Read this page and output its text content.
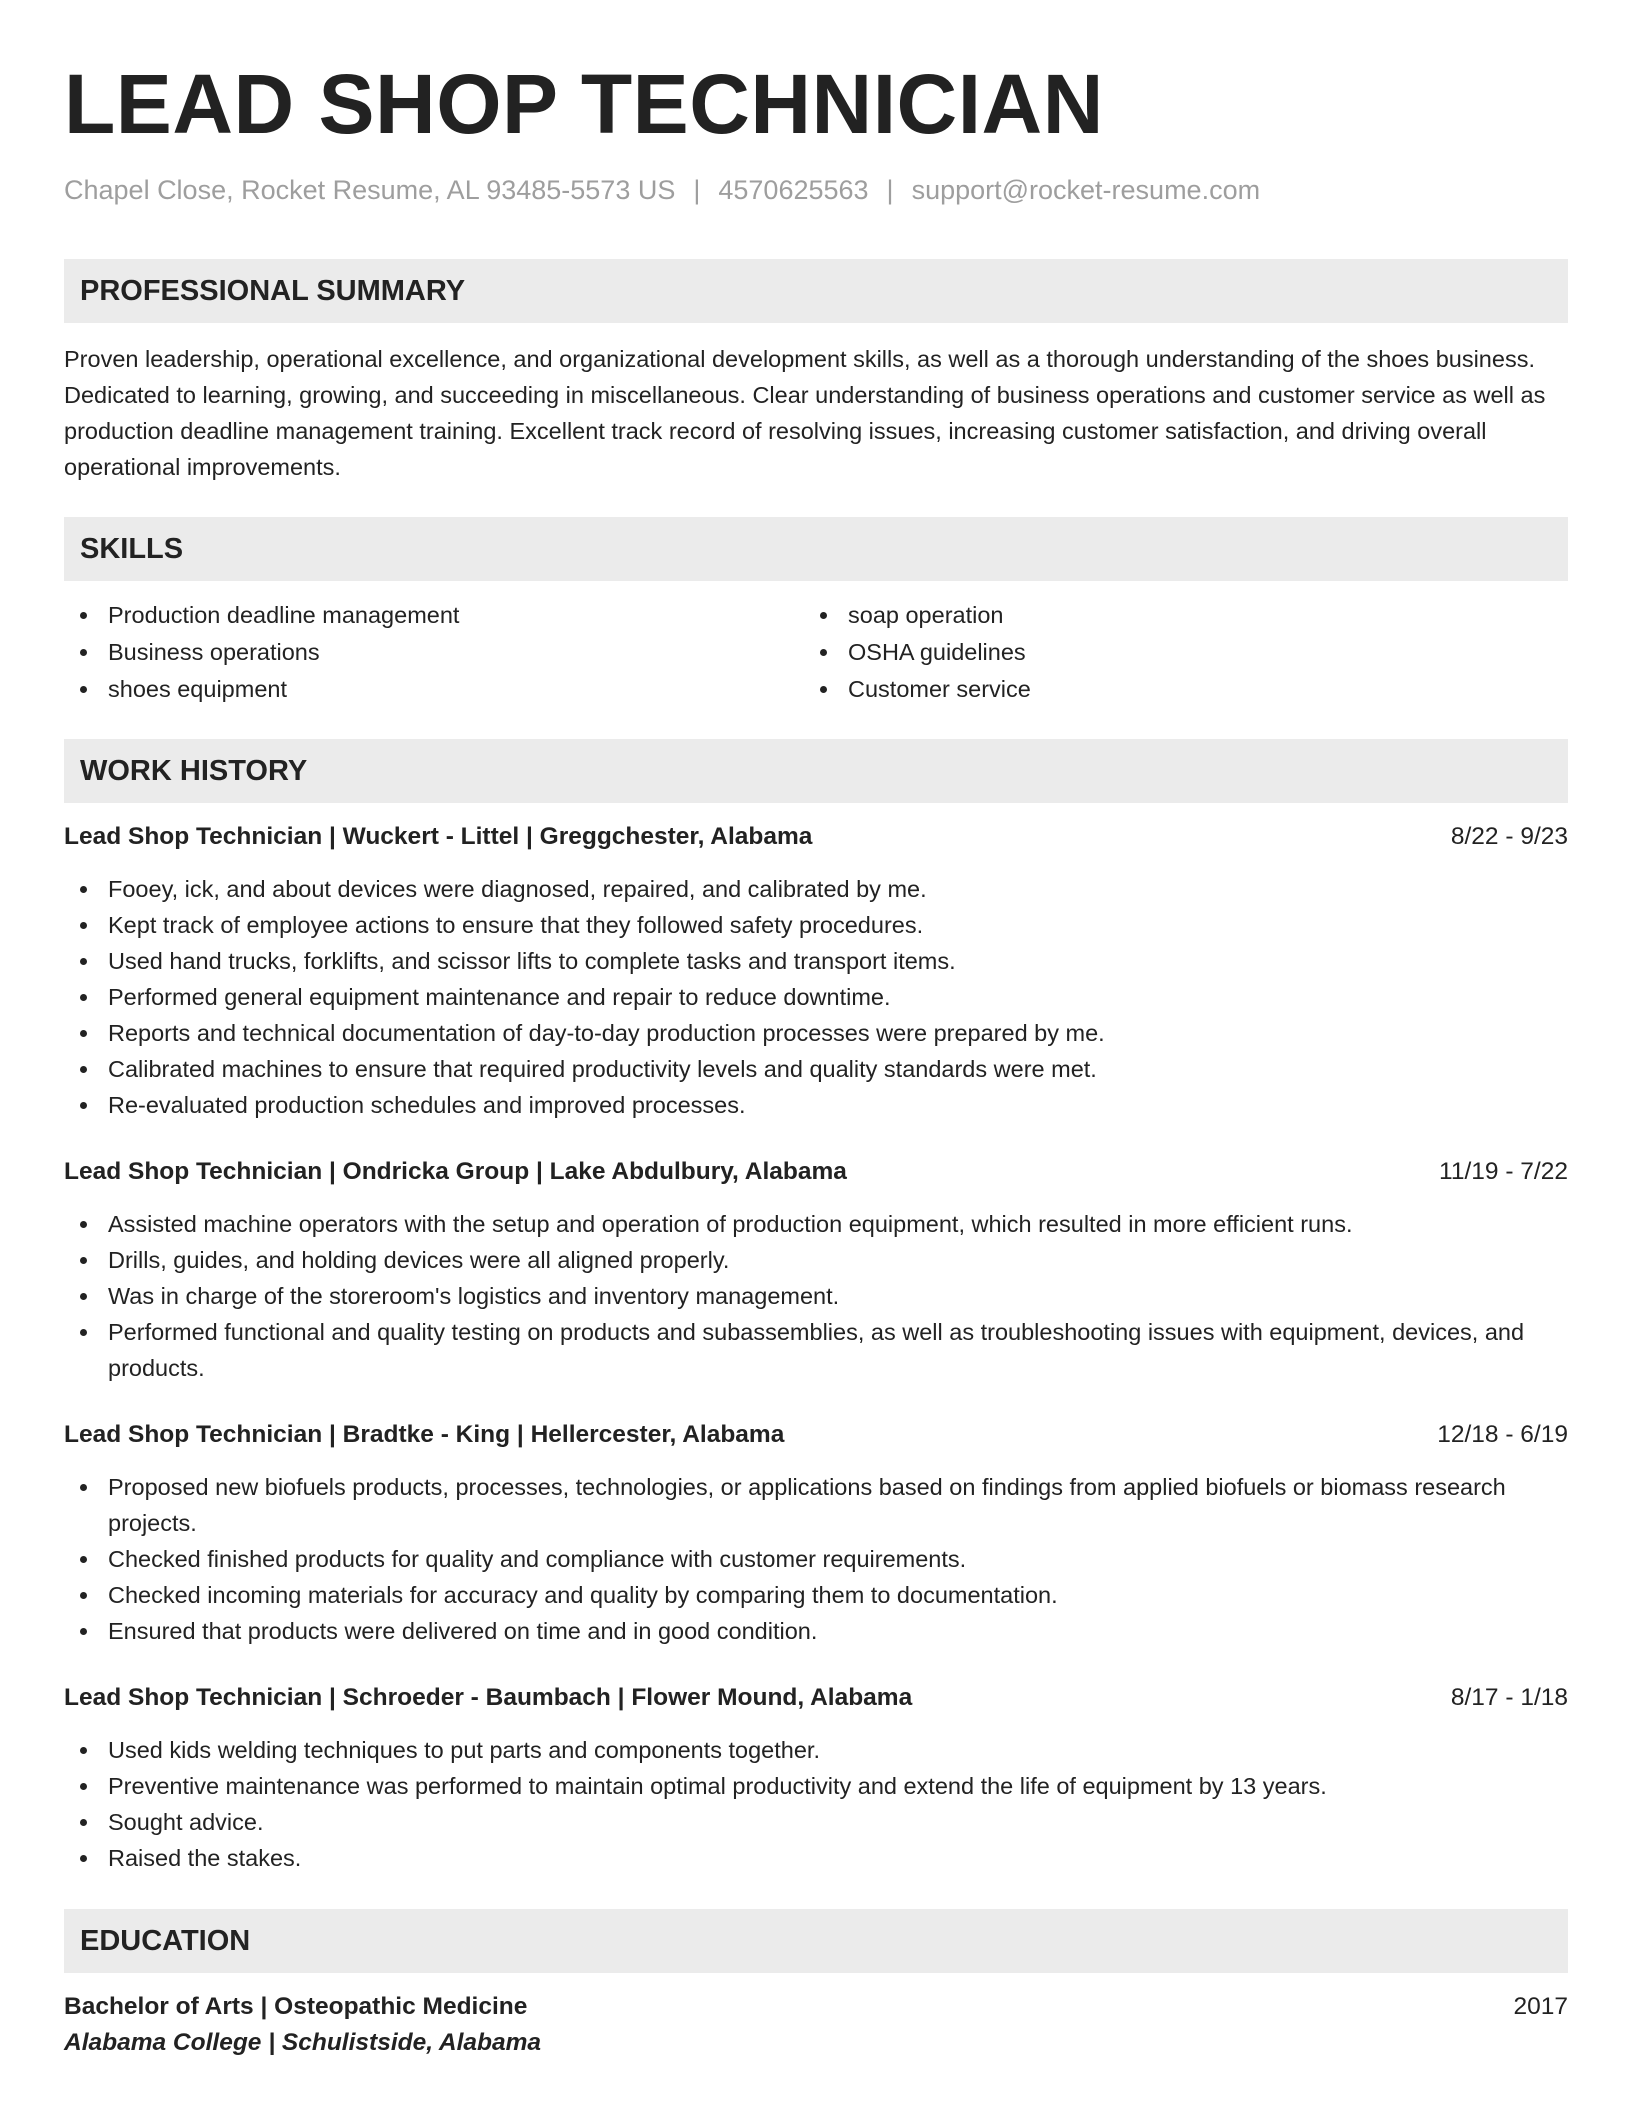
LEAD SHOP TECHNICIAN
Chapel Close, Rocket Resume, AL 93485-5573 US | 4570625563 | support@rocket-resume.com
PROFESSIONAL SUMMARY

Proven leadership, operational excellence, and organizational development skills, as well as a thorough understanding of the shoes business. Dedicated to learning, growing, and succeeding in miscellaneous. Clear understanding of business operations and customer service as well as production deadline management training. Excellent track record of resolving issues, increasing customer satisfaction, and driving overall operational improvements.

SKILLS
Production deadline management
Business operations
shoes equipment
soap operation
OSHA guidelines
Customer service
WORK HISTORY
Lead Shop Technician | Wuckert - Littel | Greggchester, Alabama	8/22 - 9/23
Fooey, ick, and about devices were diagnosed, repaired, and calibrated by me.
Kept track of employee actions to ensure that they followed safety procedures.
Used hand trucks, forklifts, and scissor lifts to complete tasks and transport items.
Performed general equipment maintenance and repair to reduce downtime.
Reports and technical documentation of day-to-day production processes were prepared by me.
Calibrated machines to ensure that required productivity levels and quality standards were met.
Re-evaluated production schedules and improved processes.
Lead Shop Technician | Ondricka Group | Lake Abdulbury, Alabama	11/19 - 7/22
Assisted machine operators with the setup and operation of production equipment, which resulted in more efficient runs.
Drills, guides, and holding devices were all aligned properly.
Was in charge of the storeroom's logistics and inventory management.
Performed functional and quality testing on products and subassemblies, as well as troubleshooting issues with equipment, devices, and products.
Lead Shop Technician | Bradtke - King | Hellercester, Alabama	12/18 - 6/19
Proposed new biofuels products, processes, technologies, or applications based on findings from applied biofuels or biomass research projects.
Checked finished products for quality and compliance with customer requirements.
Checked incoming materials for accuracy and quality by comparing them to documentation.
Ensured that products were delivered on time and in good condition.
Lead Shop Technician | Schroeder - Baumbach | Flower Mound, Alabama	8/17 - 1/18
Used kids welding techniques to put parts and components together.
Preventive maintenance was performed to maintain optimal productivity and extend the life of equipment by 13 years.
Sought advice.
Raised the stakes.
EDUCATION
Bachelor of Arts | Osteopathic Medicine	2017
Alabama College | Schulistside, Alabama
